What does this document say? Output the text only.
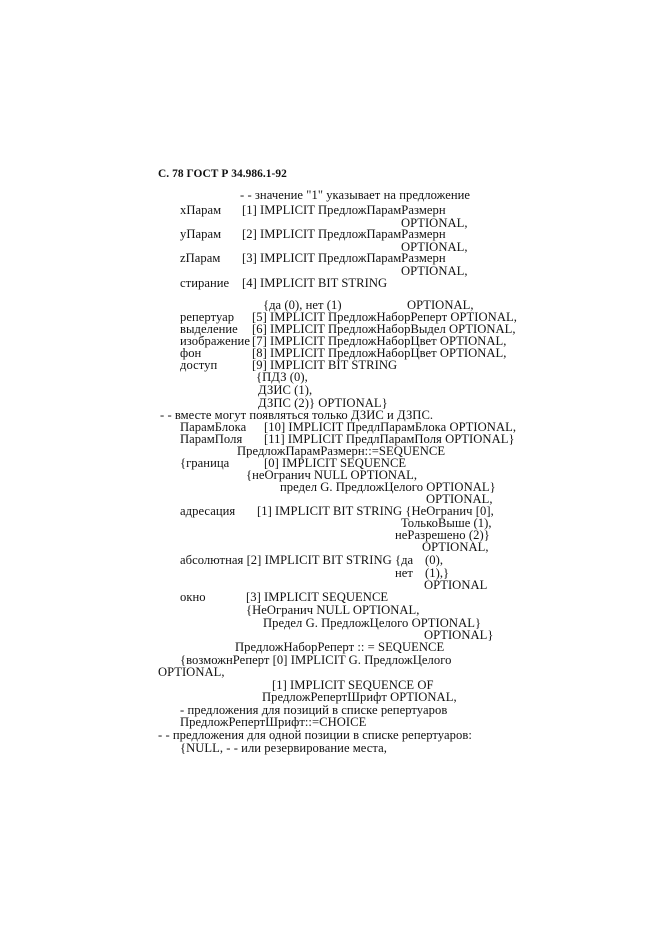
С. 78 ГОСТ Р 34.986.1-92
- - значение "1" указывает на предложение
xПарам [1] IMPLICIT ПредложПарамРазмерн
OPTIONAL,
yПарам [2] IMPLICIT ПредложПарамРазмерн
OPTIONAL,
zПарам [3] IMPLICIT ПредложПарамРазмерн
OPTIONAL,
стирание [4] IMPLICIT BIT STRING
{да (0), нет (1)	OPTIONAL,
репертуар [5] IMPLICIT ПредложНаборРеперт OPTIONAL,
выделение [6] IMPLICIT ПредложНаборВыдел OPTIONAL,
изображение [7] IMPLICIT ПредложНаборЦвет OPTIONAL,
фон	[8] IMPLICIT ПредложНаборЦвет OPTIONAL,
доступ	[9] IMPLICIT BIT STRING
{ПДЗ (0),
ДЗИС (1),
ДЗПС (2)} OPTIONAL}
- - вместе могут появляться только ДЗИС и ДЗПС.
ПарамБлока [10] IMPLICIT ПредлПарамБлока OPTIONAL,
ПарамПоля [11] IMPLICIT ПредлПарамПоля OPTIONAL}
ПредложПарамРазмерн::=SEQUENCE
{граница	[0] IMPLICIT SEQUENCE
{неОгранич NULL OPTIONAL,
предел G. ПредложЦелого OPTIONAL}
OPTIONAL,
адресация [1] IMPLICIT BIT STRING {НеОгранич [0],
ТолькоВыше (1),
неРазрешено (2)}
OPTIONAL,
абсолютная [2] IMPLICIT BIT STRING {да (0),
нет (1),}
OPTIONAL
окно	[3] IMPLICIT SEQUENCE
{НеОгранич NULL OPTIONAL,
Предел G. ПредложЦелого OPTIONAL}
OPTIONAL}
ПредложНаборРеперт :: = SEQUENCE
{возможнРеперт [0] IMPLICIT G. ПредложЦелого
OPTIONAL,
[1] IMPLICIT SEQUENCE OF
ПредложРепертШрифт OPTIONAL,
- предложения для позиций в списке репертуаров
ПредложРепертШрифт::=CHOICE
- - предложения для одной позиции в списке репертуаров:
{NULL, - - или резервирование места,
